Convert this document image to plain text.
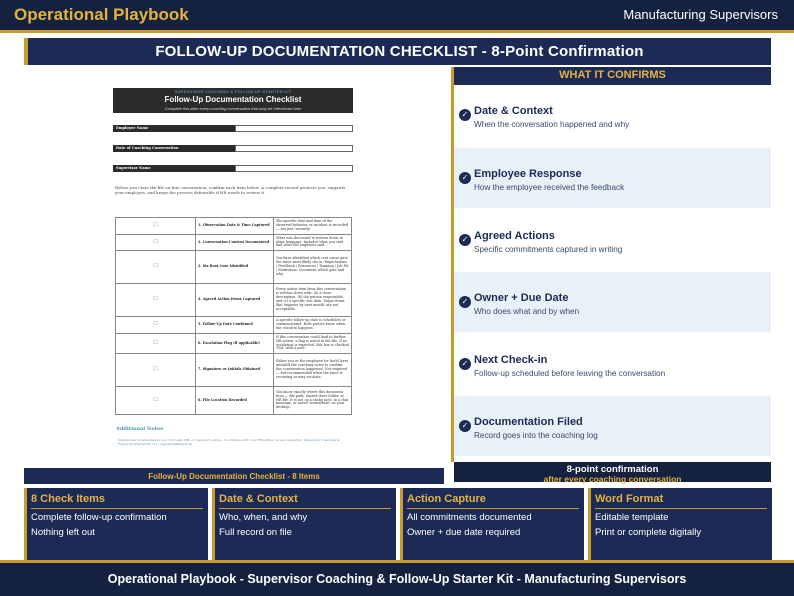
Operational Playbook	Manufacturing Supervisors
FOLLOW-UP DOCUMENTATION CHECKLIST - 8-Point Confirmation
SUPERVISOR COACHING & FOLLOW-UP STARTER KIT
Follow-Up Documentation Checklist
Complete this after every coaching conversation that may be referenced later
Employee Name
Date of Coaching Conversation
Supervisor Name
Before you close the file on this conversation, confirm each item below. A complete record protects you, supports your employee, and keeps the process defensible if HR needs to review it.
☐	1. Observation Date & Time Captured	The specific date and time of the observed behavior or incident is recorded — not just 'recently.'
☐	2. Conversation Content Documented	What was discussed is written down in plain language. Includes what you said and what the employee said.
☐	3. Six Root Gate Identified	You have identified which root cause gate the issue most likely sits in: Expectations / Feedback / Resources / Training / Job Fit / Motivation. Document which gate and why.
☐	4. Agreed Action Items Captured	Every action item from this conversation is written down with: (a) a clear description, (b) the person responsible, and (c) a specific due date. Vague items like 'improve by next month' are not acceptable.
☐	5. Follow-Up Date Confirmed	A specific follow-up date is scheduled or communicated. Both parties know when the check-in happens.
☐	6. Escalation Flag (if applicable)	If this conversation could lead to further HR action, a flag is noted in the file. If no escalation is expected, this box is checked 'N/A' with a note.
☐	7. Signature or Initials Obtained	Either you or the employee (or both) have initialed the coaching notes to confirm the conversation happened. Not required — but recommended when the issue is recurring or may escalate.
☐	8. File Location Recorded	You know exactly where this document lives — file path, shared drive folder, or HR file. It is not on a sticky note, in a chat message, or saved 'somewhere' on your desktop.
Additional Notes
Operational documentation tool. Not legal, HR, or regulatory advice. Coordinate with your HR partner on any escalation. Supervisor Coaching & Follow-Up Starter Kit | v1 | OperationalPlaybook
Follow-Up Documentation Checklist - 8 Items
WHAT IT CONFIRMS
✓ Date & Context
When the conversation happened and why
✓ Employee Response
How the employee received the feedback
✓ Agreed Actions
Specific commitments captured in writing
✓ Owner + Due Date
Who does what and by when
✓ Next Check-in
Follow-up scheduled before leaving the conversation
✓ Documentation Filed
Record goes into the coaching log
8-point confirmation
after every coaching conversation
8 Check Items
Complete follow-up confirmation
Nothing left out
Date & Context
Who, when, and why
Full record on file
Action Capture
All commitments documented
Owner + due date required
Word Format
Editable template
Print or complete digitally
Operational Playbook - Supervisor Coaching & Follow-Up Starter Kit - Manufacturing Supervisors
